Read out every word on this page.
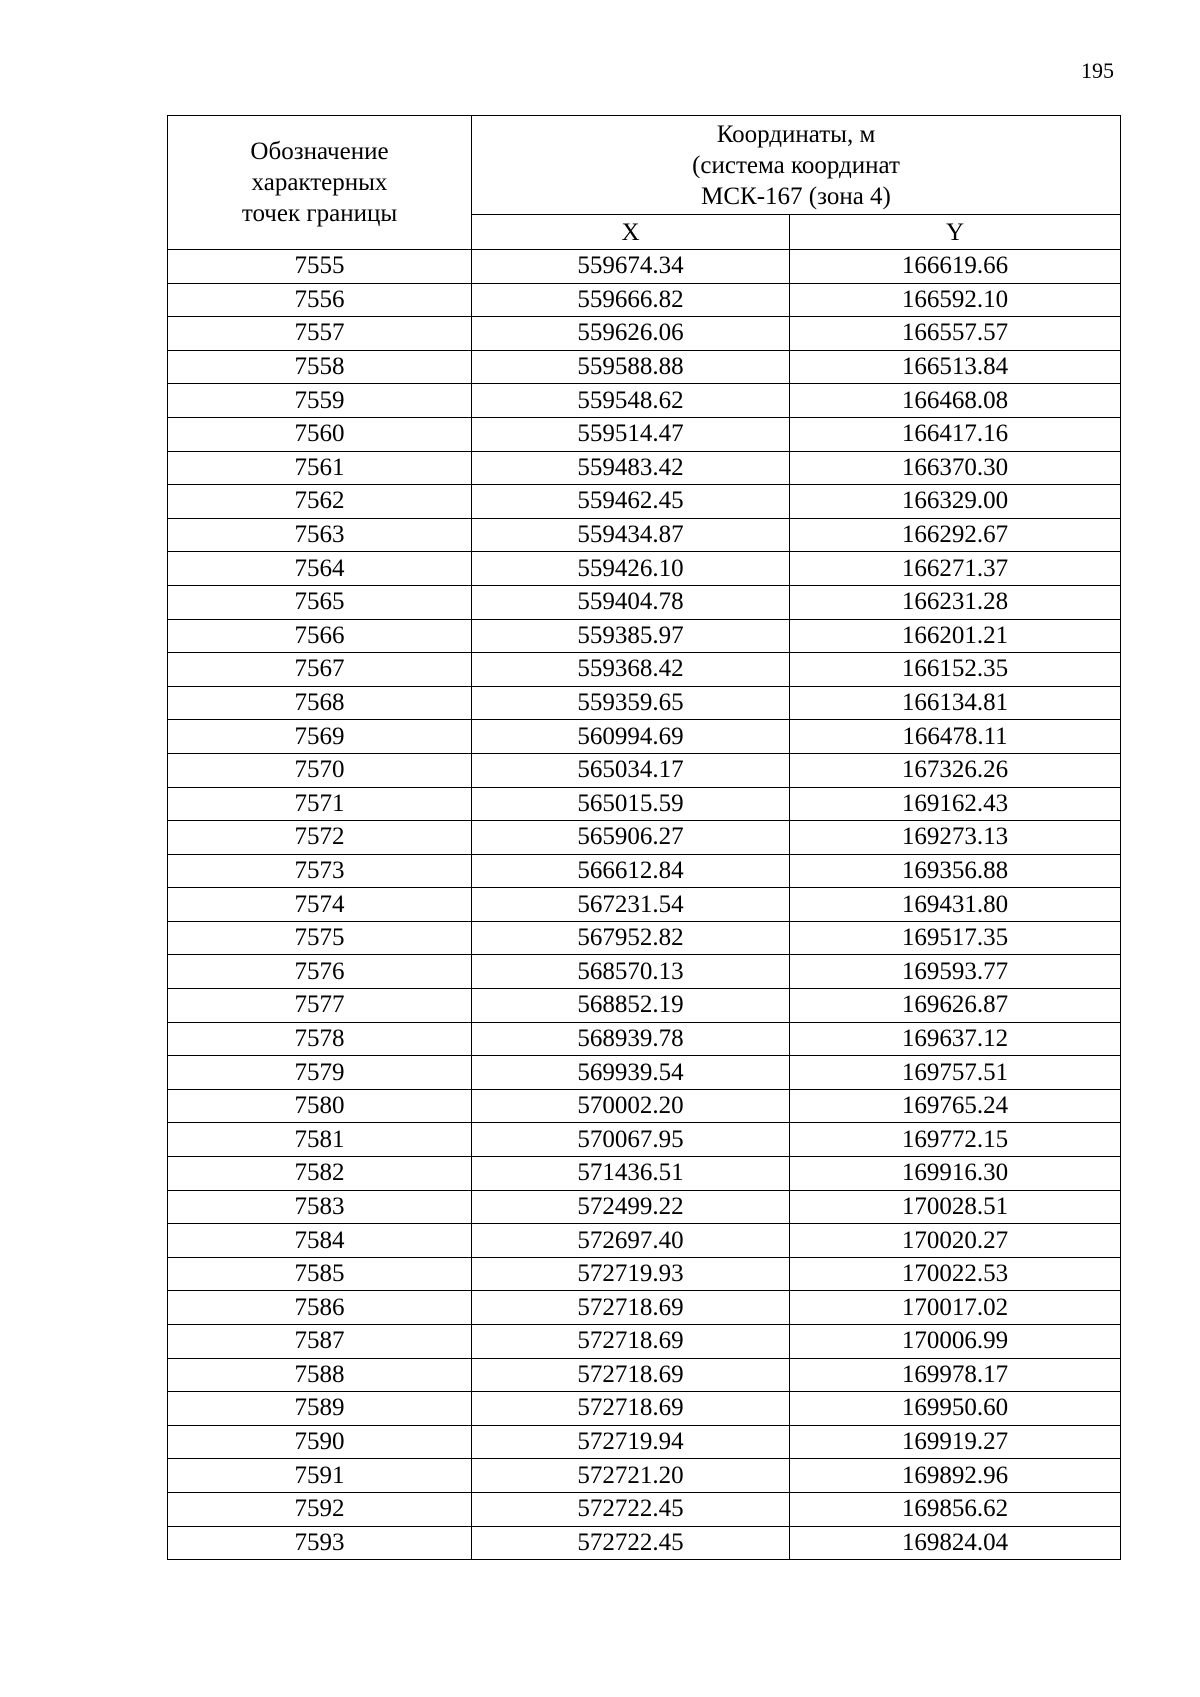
195
Обозначение
характерных
точек границы	Координаты, м
(система координат
МСК-167 (зона 4)	

	X	Y
7555	559674.34	166619.66
7556	559666.82	166592.10
7557	559626.06	166557.57
7558	559588.88	166513.84
7559	559548.62	166468.08
7560	559514.47	166417.16
7561	559483.42	166370.30
7562	559462.45	166329.00
7563	559434.87	166292.67
7564	559426.10	166271.37
7565	559404.78	166231.28
7566	559385.97	166201.21
7567	559368.42	166152.35
7568	559359.65	166134.81
7569	560994.69	166478.11
7570	565034.17	167326.26
7571	565015.59	169162.43
7572	565906.27	169273.13
7573	566612.84	169356.88
7574	567231.54	169431.80
7575	567952.82	169517.35
7576	568570.13	169593.77
7577	568852.19	169626.87
7578	568939.78	169637.12
7579	569939.54	169757.51
7580	570002.20	169765.24
7581	570067.95	169772.15
7582	571436.51	169916.30
7583	572499.22	170028.51
7584	572697.40	170020.27
7585	572719.93	170022.53
7586	572718.69	170017.02
7587	572718.69	170006.99
7588	572718.69	169978.17
7589	572718.69	169950.60
7590	572719.94	169919.27
7591	572721.20	169892.96
7592	572722.45	169856.62
7593	572722.45	169824.04
